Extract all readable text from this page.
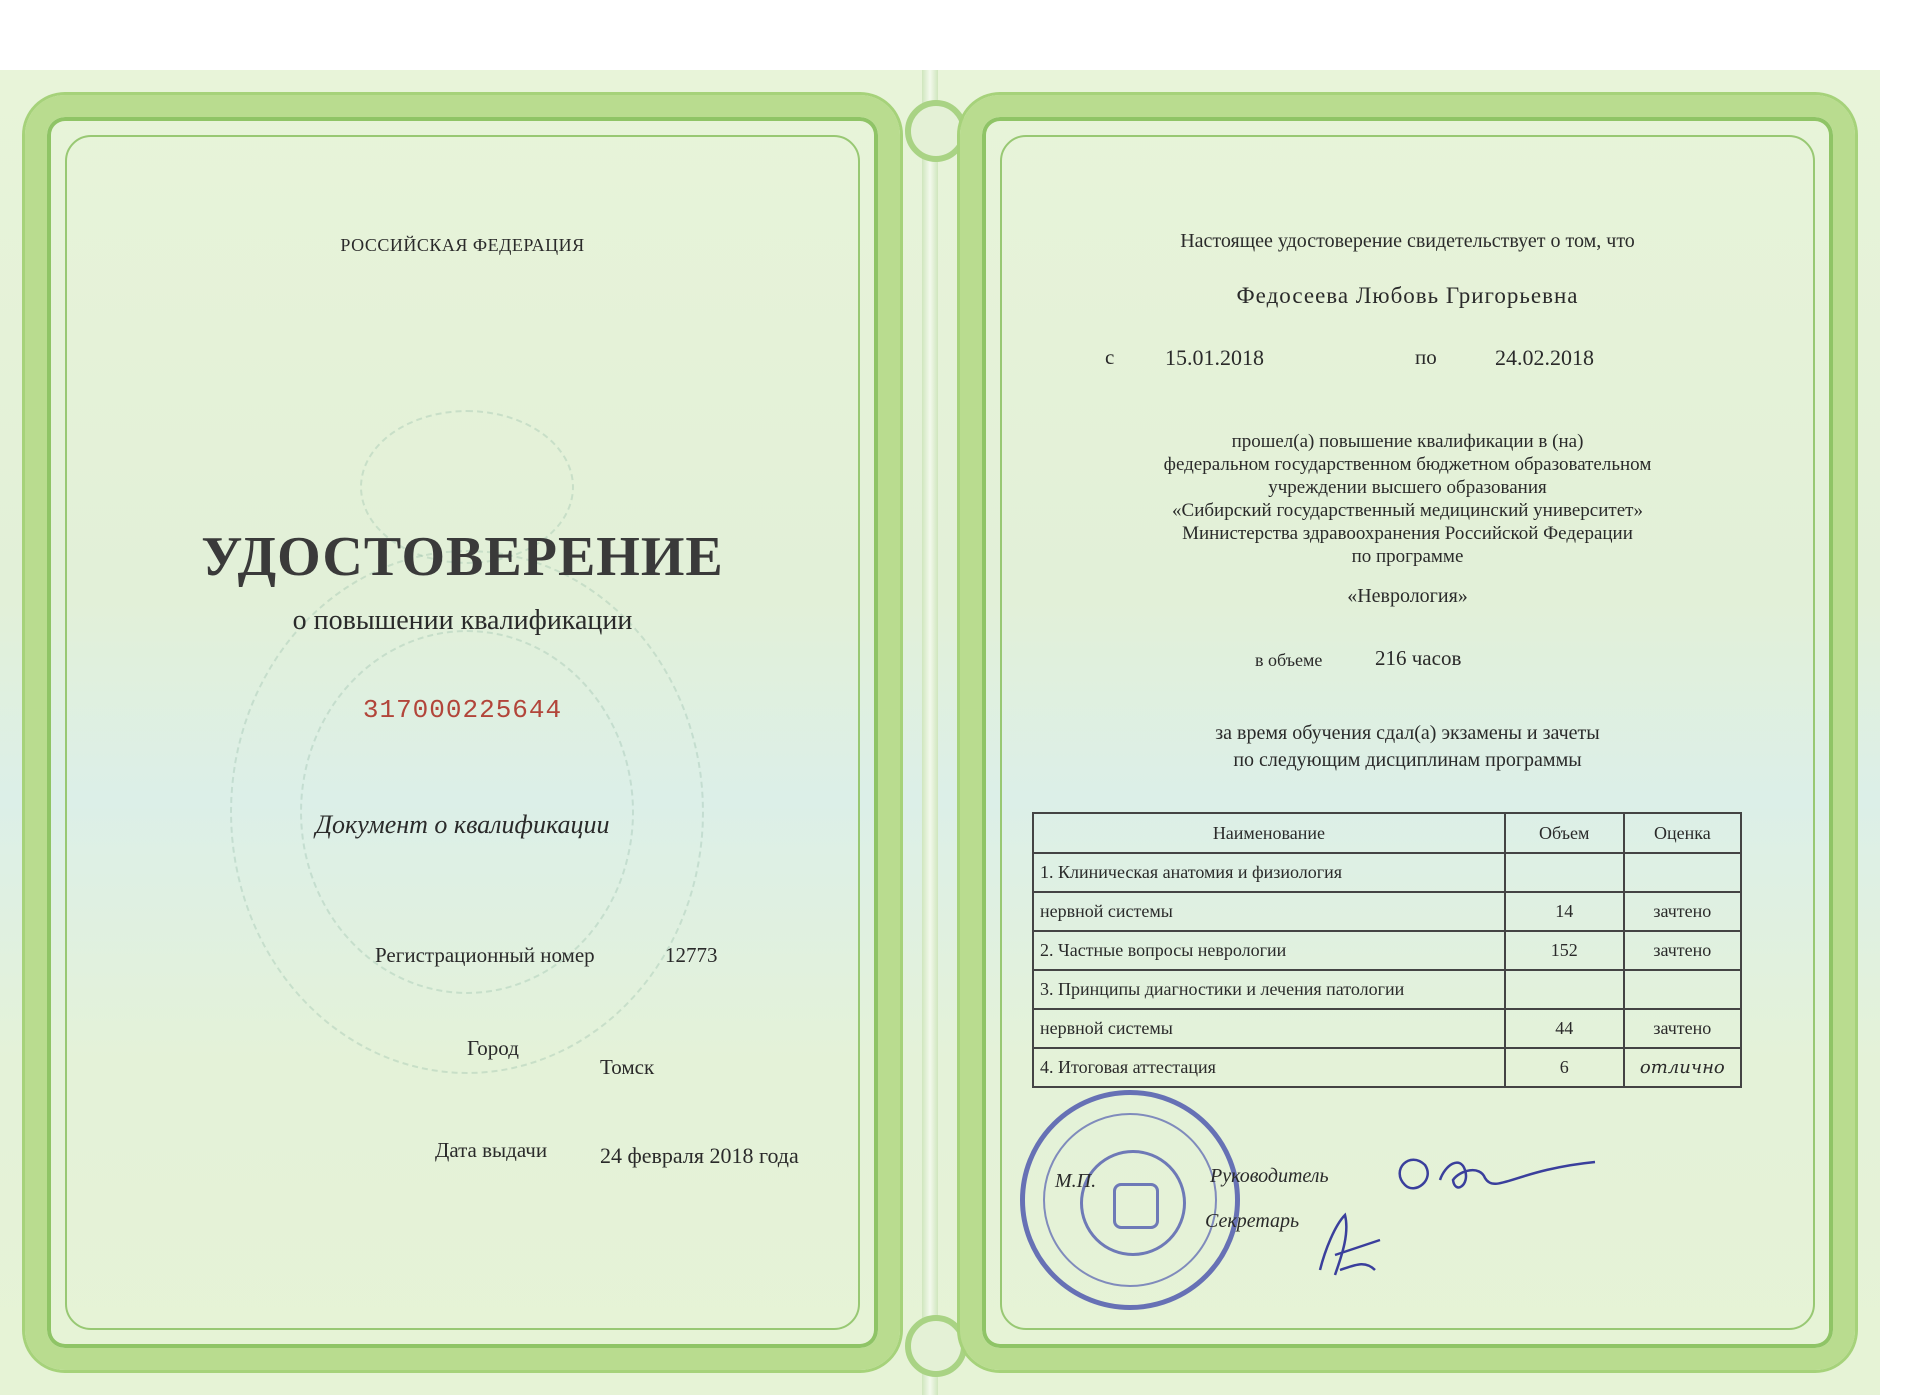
РОССИЙСКАЯ ФЕДЕРАЦИЯ
УДОСТОВЕРЕНИЕ
о повышении квалификации
317000225644
Документ о квалификации
Регистрационный номер	12773
Город
Томск
Дата выдачи 24 февраля 2018 года
Настоящее удостоверение свидетельствует о том, что
Федосеева Любовь Григорьевна
с 15.01.2018	по	24.02.2018
прошел(а) повышение квалификации в (на)
федеральном государственном бюджетном образовательном
учреждении высшего образования
«Сибирский государственный медицинский университет»
Министерства здравоохранения Российской Федерации
по программе
«Неврология»
в объеме	216 часов
за время обучения сдал(а) экзамены и зачеты
по следующим дисциплинам программы
Наименование	Объем	Оценка
1. Клиническая анатомия и физиология		
нервной системы	14	зачтено
2. Частные вопросы неврологии	152	зачтено
3. Принципы диагностики и лечения патологии		
нервной системы	44	зачтено
4. Итоговая аттестация	6	отлично
М.П.	Руководитель
Секретарь
